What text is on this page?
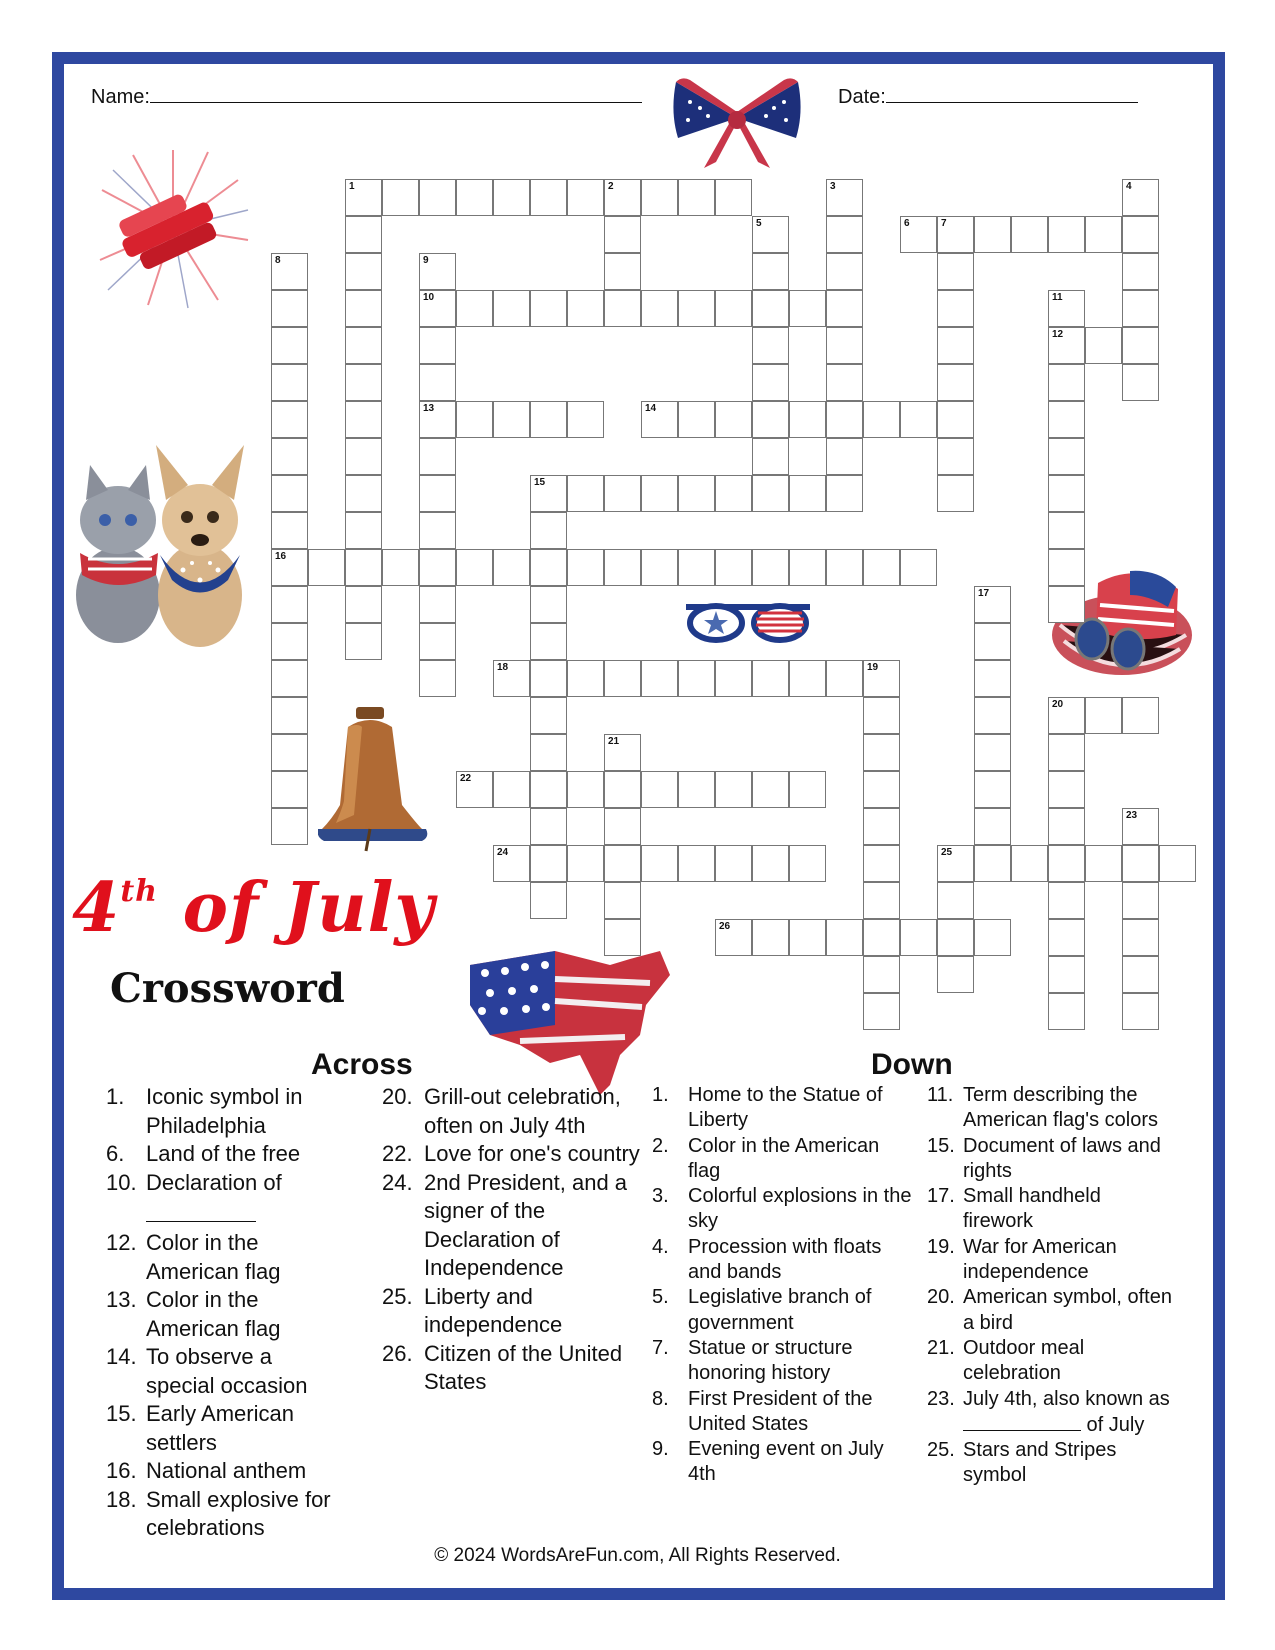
Name:	Date:
1	2
6	7
10
12
13	14
15
16
18	19
20
22
24	25
26
3	4
5
8	9
11
17
21
23
4th of July
Crossword
Across
1. Iconic symbol in Philadelphia
6. Land of the free
10. Declaration of
12. Color in the American flag
13. Color in the American flag
14. To observe a special occasion
15. Early American settlers
16. National anthem
18. Small explosive for celebrations
20. Grill-out celebration, often on July 4th
22. Love for one's country
24. 2nd President, and a signer of the Declaration of Independence
25. Liberty and independence
26. Citizen of the United States
Down
1. Home to the Statue of Liberty
2. Color in the American flag
3. Colorful explosions in the sky
4. Procession with floats and bands
5. Legislative branch of government
7. Statue or structure honoring history
8. First President of the United States
9. Evening event on July 4th
11. Term describing the American flag's colors
15. Document of laws and rights
17. Small handheld firework
19. War for American independence
20. American symbol, often a bird
21. Outdoor meal celebration
23. July 4th, also known as  of July
25. Stars and Stripes symbol
© 2024 WordsAreFun.com, All Rights Reserved.
